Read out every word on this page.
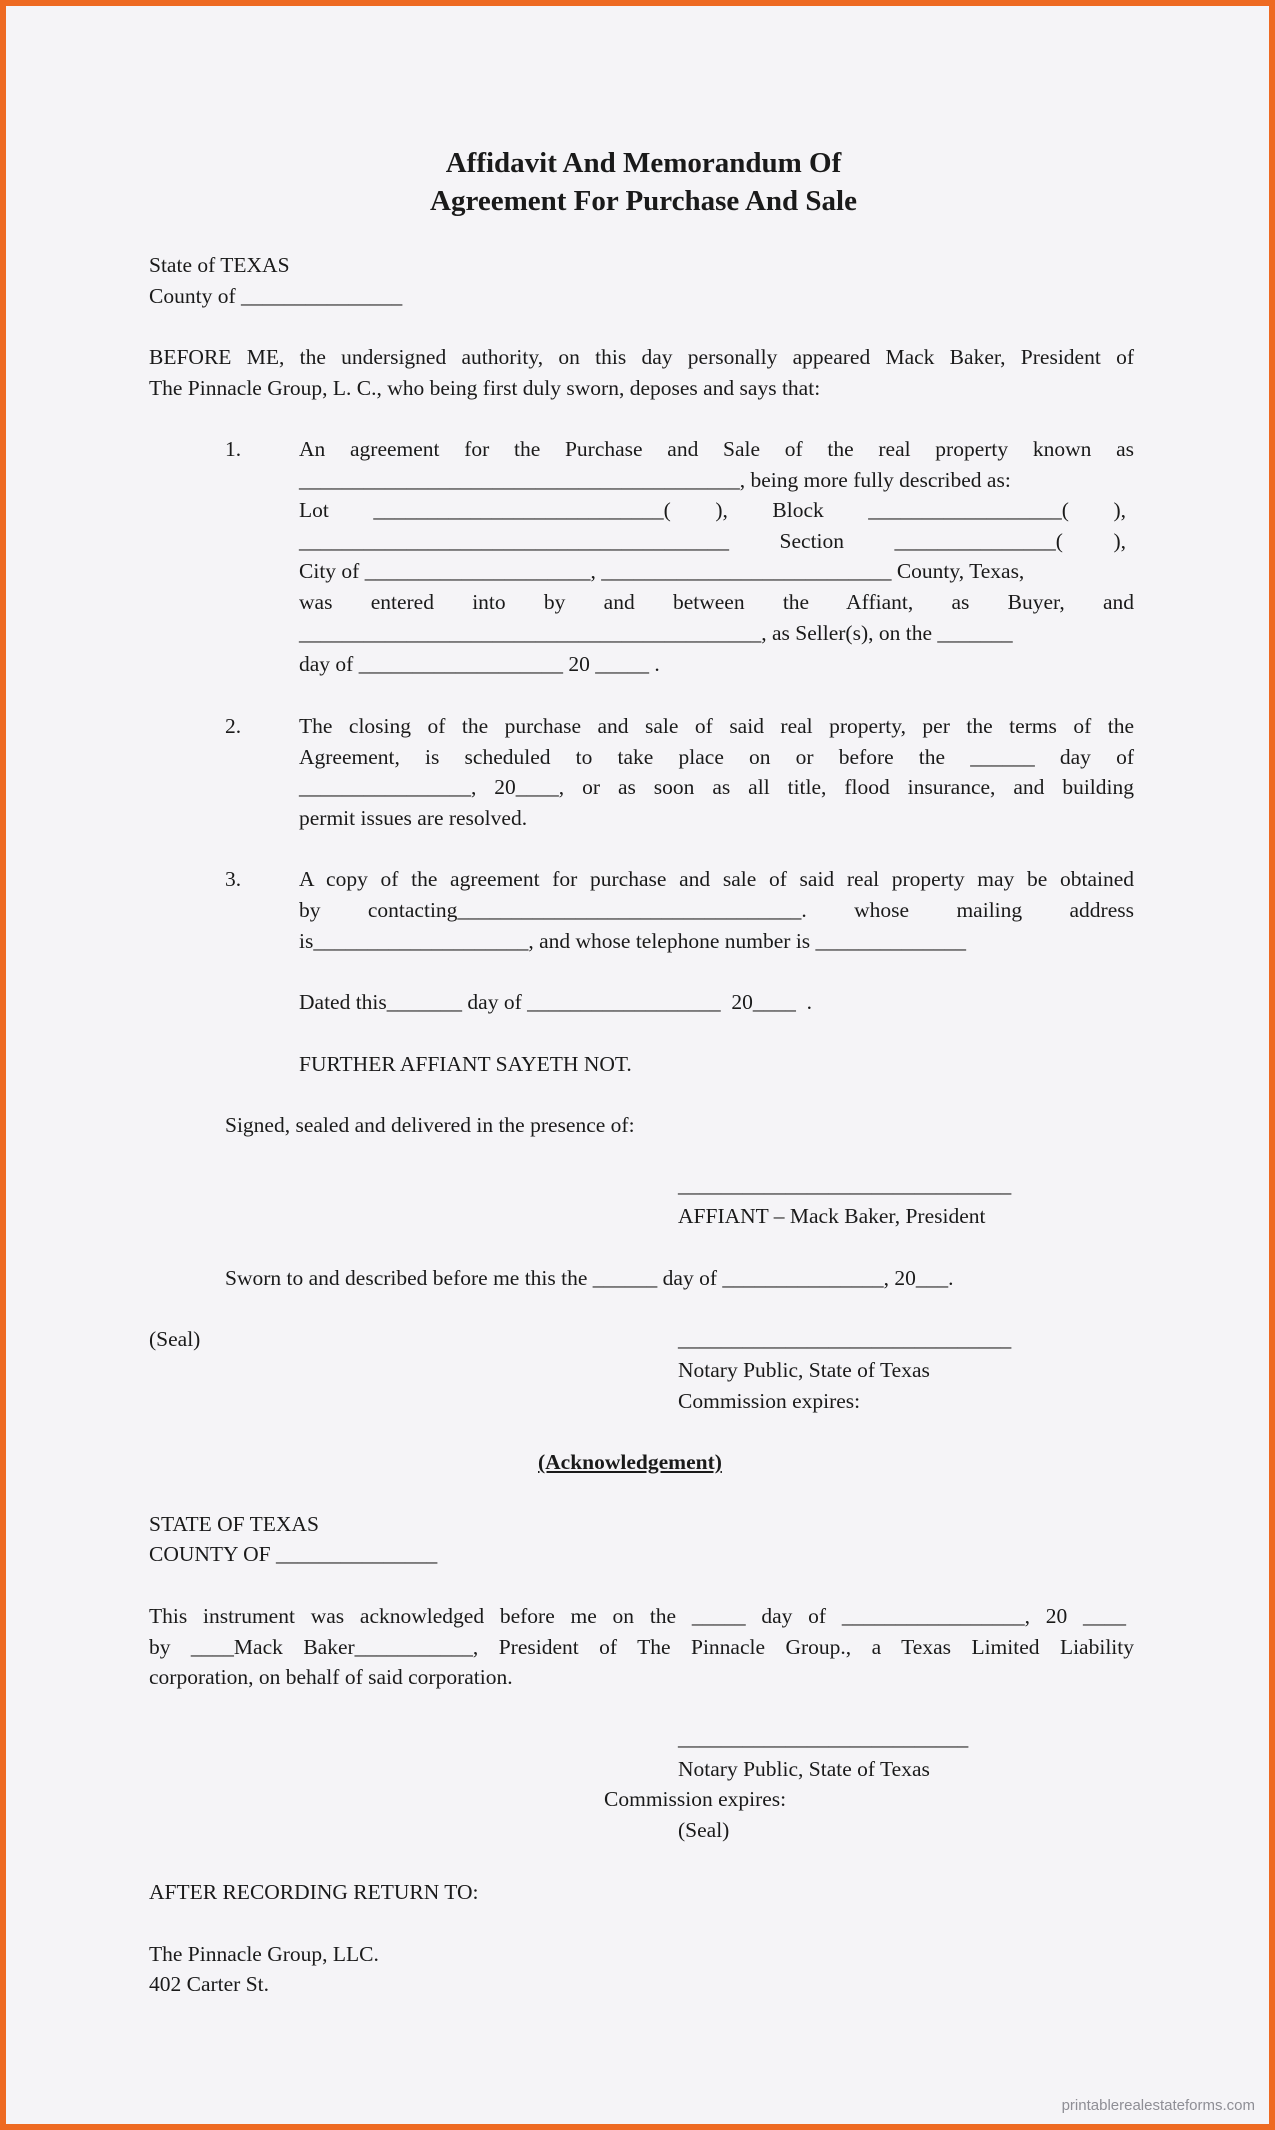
Affidavit And Memorandum Of
Agreement For Purchase And Sale
State of TEXAS
County of _______________
BEFORE ME, the undersigned authority, on this day personally appeared Mack Baker, President of
The Pinnacle Group, L. C., who being first duly sworn, deposes and says that:
1.	An agreement for the Purchase and Sale of the real property known as
_________________________________________, being more fully described as:
Lot ___________________________( ), Block __________________( ),
________________________________________ Section _______________( ),
City of _____________________, ___________________________ County, Texas,
was entered into by and between the Affiant, as Buyer, and
___________________________________________, as Seller(s), on the _______
day of ___________________ 20 _____ .
2.	The closing of the purchase and sale of said real property, per the terms of the
Agreement, is scheduled to take place on or before the ______ day of
________________, 20____, or as soon as all title, flood insurance, and building
permit issues are resolved.
3.	A copy of the agreement for purchase and sale of said real property may be obtained
by contacting________________________________. whose mailing address
is____________________, and whose telephone number is ______________
Dated this_______ day of __________________  20____  .
FURTHER AFFIANT SAYETH NOT.
Signed, sealed and delivered in the presence of:
_______________________________
AFFIANT – Mack Baker, President
Sworn to and described before me this the ______ day of _______________, 20___.
(Seal)	_______________________________
Notary Public, State of Texas
Commission expires:
(Acknowledgement)
STATE OF TEXAS
COUNTY OF _______________
This instrument was acknowledged before me on the _____ day of _________________, 20 ____
by ____Mack Baker___________, President of The Pinnacle Group., a Texas Limited Liability
corporation, on behalf of said corporation.
___________________________
Notary Public, State of Texas
Commission expires:
(Seal)
AFTER RECORDING RETURN TO:
The Pinnacle Group, LLC.
402 Carter St.
printablerealestateforms.com
